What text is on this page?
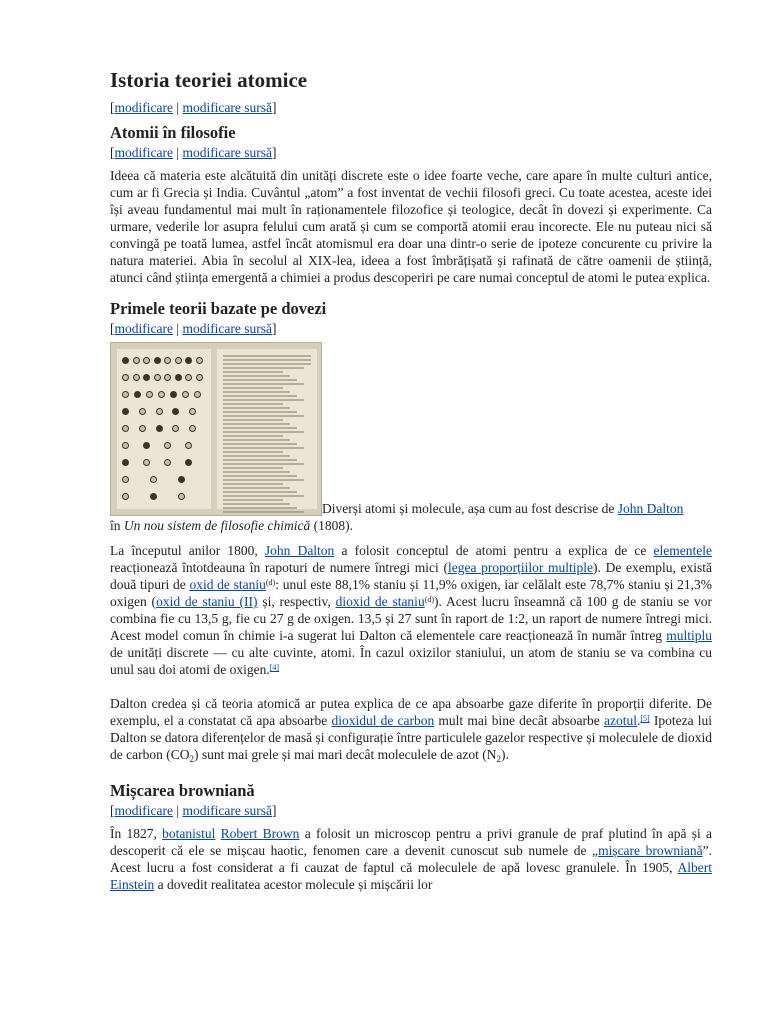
Istoria teoriei atomice
[modificare | modificare sursă]
Atomii în filosofie
[modificare | modificare sursă]

Ideea că materia este alcătuită din unități discrete este o idee foarte veche, care apare în multe culturi antice, cum ar fi Grecia și India. Cuvântul „atom” a fost inventat de vechii filosofi greci. Cu toate acestea, aceste idei își aveau fundamentul mai mult în raționamentele filozofice și teologice, decât în dovezi și experimente. Ca urmare, vederile lor asupra felului cum arată și cum se comportă atomii erau incorecte. Ele nu puteau nici să convingă pe toată lumea, astfel încât atomismul era doar una dintr-o serie de ipoteze concurente cu privire la natura materiei. Abia în secolul al XIX-lea, ideea a fost îmbrățișată și rafinată de către oamenii de știință, atunci când știința emergentă a chimiei a produs descoperiri pe care numai conceptul de atomi le putea explica.

Primele teorii bazate pe dovezi
[modificare | modificare sursă]
Diverși atomi și molecule, așa cum au fost descrise de John Dalton
în Un nou sistem de filosofie chimică (1808).

La începutul anilor 1800, John Dalton a folosit conceptul de atomi pentru a explica de ce elementele reacționează întotdeauna în rapoturi de numere întregi mici (legea proporțiilor multiple). De exemplu, există două tipuri de oxid de staniu$^{(d)}$: unul este 88,1% staniu și 11,9% oxigen, iar celălalt este 78,7% staniu și 21,3% oxigen (oxid de staniu (II) și, respectiv, dioxid de staniu$^{(d)}$). Acest lucru înseamnă că 100 g de staniu se vor combina fie cu 13,5 g, fie cu 27 g de oxigen. 13,5 și 27 sunt în raport de 1:2, un raport de numere întregi mici. Acest model comun în chimie i-a sugerat lui Dalton că elementele care reacționează în număr întreg multiplu de unități discrete — cu alte cuvinte, atomi. În cazul oxizilor staniului, un atom de staniu se va combina cu unul sau doi atomi de oxigen.[4]

Dalton credea și că teoria atomică ar putea explica de ce apa absoarbe gaze diferite în proporții diferite. De exemplu, el a constatat că apa absoarbe dioxidul de carbon mult mai bine decât absoarbe azotul.[5] Ipoteza lui Dalton se datora diferențelor de masă și configurație între particulele gazelor respective și moleculele de dioxid de carbon $(CO_2)$ sunt mai grele și mai mari decât moleculele de azot $(N_2)$.

Mișcarea browniană
[modificare | modificare sursă]

În 1827, botanistul Robert Brown a folosit un microscop pentru a privi granule de praf plutind în apă și a descoperit că ele se mișcau haotic, fenomen care a devenit cunoscut sub numele de „mișcare browniană”. Acest lucru a fost considerat a fi cauzat de faptul că moleculele de apă lovesc granulele. În 1905, Albert Einstein a dovedit realitatea acestor molecule și mișcării lor
